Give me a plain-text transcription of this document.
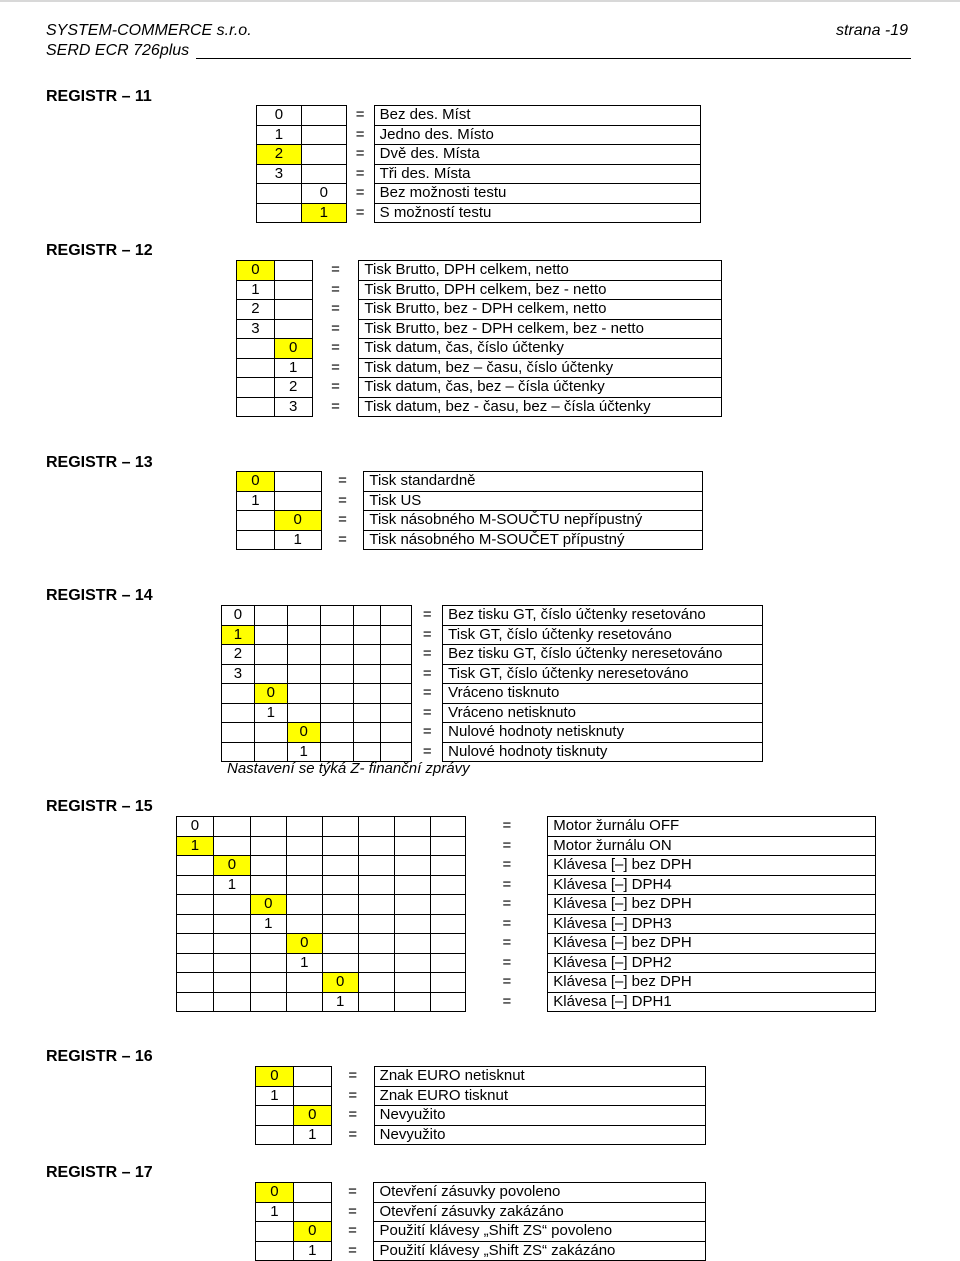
SYSTEM-COMMERCE s.r.o.
SERD ECR 726plus
strana -19
REGISTR – 11
0		=	Bez des. Míst
1		=	Jedno des. Místo
2		=	Dvě des. Místa
3		=	Tři des. Místa
	0	=	Bez možnosti testu
	1	=	S možností testu
REGISTR – 12
0		=	Tisk Brutto, DPH celkem, netto
1		=	Tisk Brutto, DPH celkem, bez - netto
2		=	Tisk Brutto, bez - DPH celkem, netto
3		=	Tisk Brutto, bez - DPH celkem, bez - netto
	0	=	Tisk datum, čas, číslo účtenky
	1	=	Tisk datum, bez – času, číslo účtenky
	2	=	Tisk datum, čas, bez – čísla účtenky
	3	=	Tisk datum, bez - času, bez – čísla účtenky
REGISTR – 13
0		=	Tisk standardně
1		=	Tisk US
	0	=	Tisk násobného M-SOUČTU nepřípustný
	1	=	Tisk násobného M-SOUČET přípustný
REGISTR – 14
0						=	Bez tisku GT, číslo účtenky resetováno
1						=	Tisk GT, číslo účtenky resetováno
2						=	Bez tisku GT, číslo účtenky neresetováno
3						=	Tisk GT, číslo účtenky neresetováno
	0					=	Vráceno tisknuto
	1					=	Vráceno netisknuto
		0				=	Nulové hodnoty netisknuty
		1				=	Nulové hodnoty tisknuty
Nastavení se týká Z- finanční zprávy
REGISTR – 15
0								=	Motor žurnálu OFF
1								=	Motor žurnálu ON
	0							=	Klávesa [–] bez DPH
	1							=	Klávesa [–] DPH4
		0						=	Klávesa [–] bez DPH
		1						=	Klávesa [–] DPH3
			0					=	Klávesa [–] bez DPH
			1					=	Klávesa [–] DPH2
				0				=	Klávesa [–] bez DPH
				1				=	Klávesa [–] DPH1
REGISTR – 16
0		=	Znak EURO netisknut
1		=	Znak EURO tisknut
	0	=	Nevyužito
	1	=	Nevyužito
REGISTR – 17
0		=	Otevření zásuvky povoleno
1		=	Otevření zásuvky zakázáno
	0	=	Použití klávesy „Shift ZS“ povoleno
	1	=	Použití klávesy „Shift ZS“ zakázáno
